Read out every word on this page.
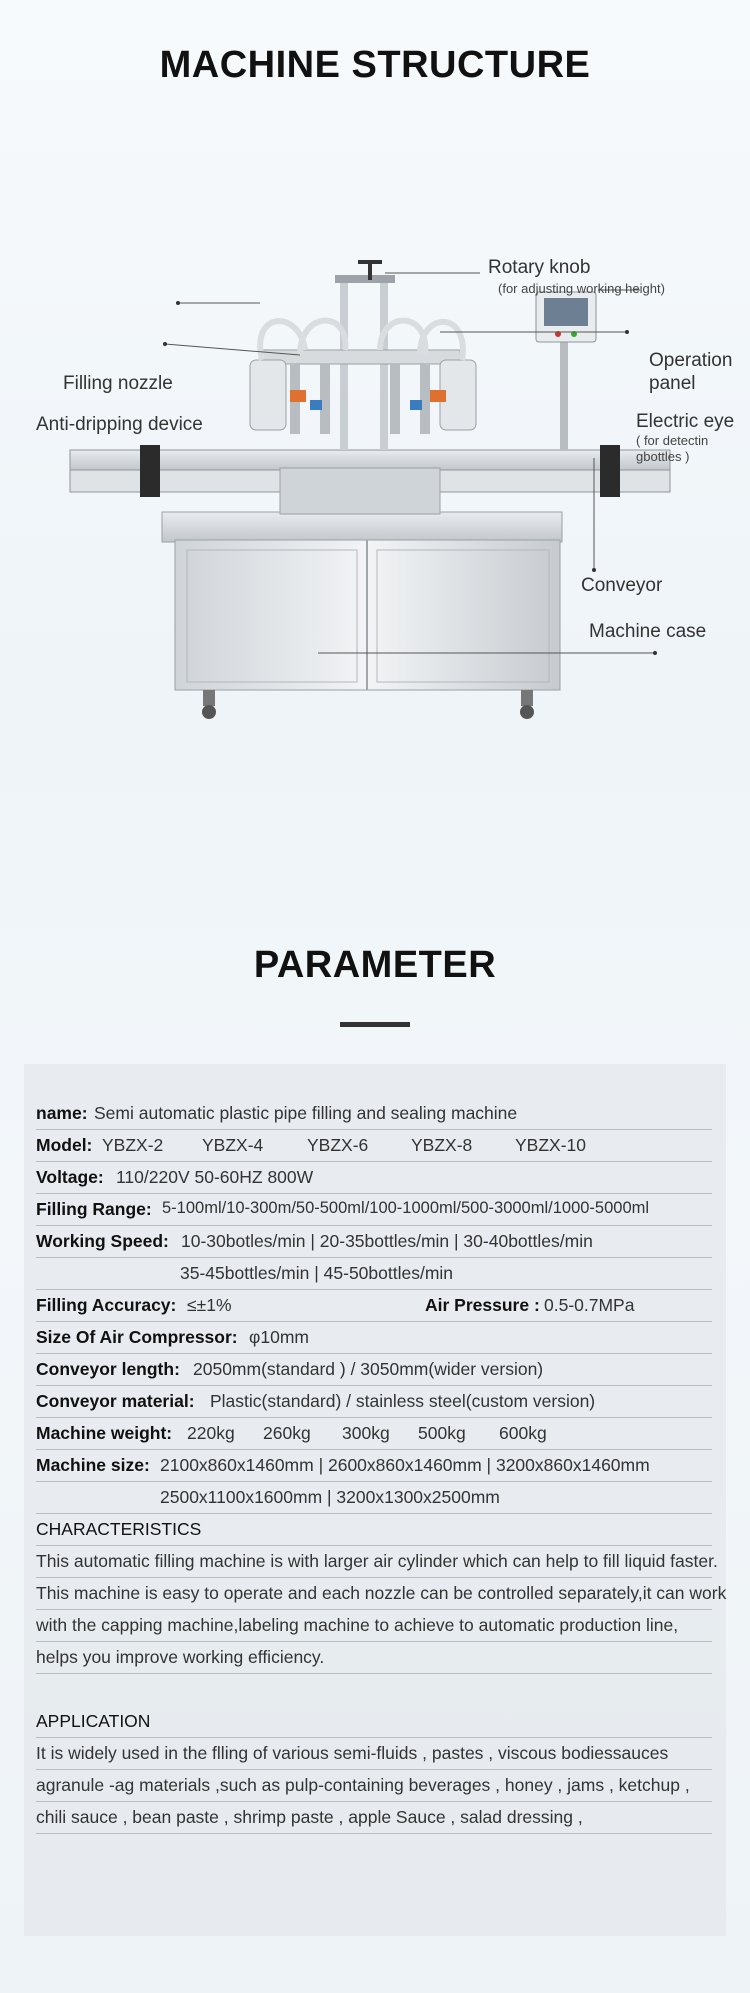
MACHINE STRUCTURE
Rotary knob
(for adjusting working height)
Filling nozzle
Anti-dripping device
Operation
panel
Electric eye
( for detectin
gbottles )
Conveyor
Machine case
PARAMETER
name: Semi automatic plastic pipe filling and sealing machine
Model: YBZX-2 YBZX-4 YBZX-6 YBZX-8 YBZX-10
Voltage: 110/220V 50-60HZ 800W
Filling Range: 5-100ml/10-300m/50-500ml/100-1000ml/500-3000ml/1000-5000ml
Working Speed: 10-30botles/min | 20-35bottles/min | 30-40bottles/min
35-45bottles/min | 45-50bottles/min
Filling Accuracy: ≤±1%	Air Pressure : 0.5-0.7MPa
Size Of Air Compressor: φ10mm
Conveyor length: 2050mm(standard ) / 3050mm(wider version)
Conveyor material: Plastic(standard) / stainless steel(custom version)
Machine weight: 220kg 260kg 300kg 500kg 600kg
Machine size: 2100x860x1460mm | 2600x860x1460mm | 3200x860x1460mm
2500x1100x1600mm | 3200x1300x2500mm
CHARACTERISTICS
This automatic filling machine is with larger air cylinder which can help to fill liquid faster.
This machine is easy to operate and each nozzle can be controlled separately,it can work
with the capping machine,labeling machine to achieve to automatic production line,
helps you improve working efficiency.
APPLICATION
It is widely used in the flling of various semi-fluids , pastes , viscous bodiessauces
agranule -ag materials ,such as pulp-containing beverages , honey , jams , ketchup ,
chili sauce , bean paste , shrimp paste , apple Sauce , salad dressing ,
